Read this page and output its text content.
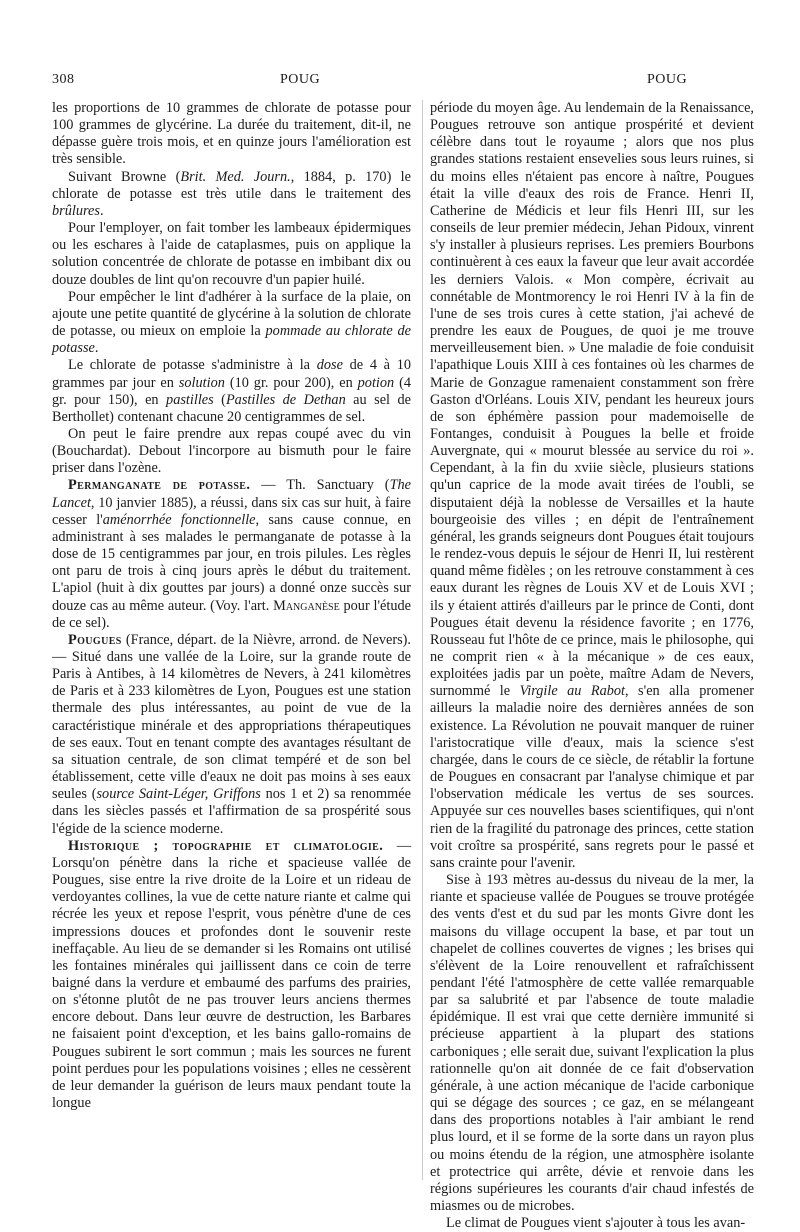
308	POUG	POUG

les proportions de 10 grammes de chlorate de potasse pour 100 grammes de glycérine. La durée du traitement, dit-il, ne dépasse guère trois mois, et en quinze jours l'amélioration est très sensible.

Suivant Browne (Brit. Med. Journ., 1884, p. 170) le chlorate de potasse est très utile dans le traitement des brûlures.

Pour l'employer, on fait tomber les lambeaux épidermiques ou les eschares à l'aide de cataplasmes, puis on applique la solution concentrée de chlorate de potasse en imbibant dix ou douze doubles de lint qu'on recouvre d'un papier huilé.

Pour empêcher le lint d'adhérer à la surface de la plaie, on ajoute une petite quantité de glycérine à la solution de chlorate de potasse, ou mieux on emploie la pommade au chlorate de potasse.

Le chlorate de potasse s'administre à la dose de 4 à 10 grammes par jour en solution (10 gr. pour 200), en potion (4 gr. pour 150), en pastilles (Pastilles de Dethan au sel de Berthollet) contenant chacune 20 centigrammes de sel.

On peut le faire prendre aux repas coupé avec du vin (Bouchardat). Debout l'incorpore au bismuth pour le faire priser dans l'ozène.

Permanganate de potasse. — Th. Sanctuary (The Lancet, 10 janvier 1885), a réussi, dans six cas sur huit, à faire cesser l'aménorrhée fonctionnelle, sans cause connue, en administrant à ses malades le permanganate de potasse à la dose de 15 centigrammes par jour, en trois pilules. Les règles ont paru de trois à cinq jours après le début du traitement. L'apiol (huit à dix gouttes par jours) a donné onze succès sur douze cas au même auteur. (Voy. l'art. Manganèse pour l'étude de ce sel).

Pougues (France, départ. de la Nièvre, arrond. de Nevers). — Situé dans une vallée de la Loire, sur la grande route de Paris à Antibes, à 14 kilomètres de Nevers, à 241 kilomètres de Paris et à 233 kilomètres de Lyon, Pougues est une station thermale des plus intéressantes, au point de vue de la caractéristique minérale et des appropriations thérapeutiques de ses eaux. Tout en tenant compte des avantages résultant de sa situation centrale, de son climat tempéré et de son bel établissement, cette ville d'eaux ne doit pas moins à ses eaux seules (source Saint-Léger, Griffons nos 1 et 2) sa renommée dans les siècles passés et l'affirmation de sa prospérité sous l'égide de la science moderne.

Historique ; topographie et climatologie. — Lorsqu'on pénètre dans la riche et spacieuse vallée de Pougues, sise entre la rive droite de la Loire et un rideau de verdoyantes collines, la vue de cette nature riante et calme qui récrée les yeux et repose l'esprit, vous pénètre d'une de ces impressions douces et profondes dont le souvenir reste ineffaçable. Au lieu de se demander si les Romains ont utilisé les fontaines minérales qui jaillissent dans ce coin de terre baigné dans la verdure et embaumé des parfums des prairies, on s'étonne plutôt de ne pas trouver leurs anciens thermes encore debout. Dans leur œuvre de destruction, les Barbares ne faisaient point d'exception, et les bains gallo-romains de Pougues subirent le sort commun ; mais les sources ne furent point perdues pour les populations voisines ; elles ne cessèrent de leur demander la guérison de leurs maux pendant toute la longue

période du moyen âge. Au lendemain de la Renaissance, Pougues retrouve son antique prospérité et devient célèbre dans tout le royaume ; alors que nos plus grandes stations restaient ensevelies sous leurs ruines, si du moins elles n'étaient pas encore à naître, Pougues était la ville d'eaux des rois de France. Henri II, Catherine de Médicis et leur fils Henri III, sur les conseils de leur premier médecin, Jehan Pidoux, vinrent s'y installer à plusieurs reprises. Les premiers Bourbons continuèrent à ces eaux la faveur que leur avait accordée les derniers Valois. « Mon compère, écrivait au connétable de Montmorency le roi Henri IV à la fin de l'une de ses trois cures à cette station, j'ai achevé de prendre les eaux de Pougues, de quoi je me trouve merveilleusement bien. » Une maladie de foie conduisit l'apathique Louis XIII à ces fontaines où les charmes de Marie de Gonzague ramenaient constamment son frère Gaston d'Orléans. Louis XIV, pendant les heureux jours de son éphémère passion pour mademoiselle de Fontanges, conduisit à Pougues la belle et froide Auvergnate, qui « mourut blessée au service du roi ». Cependant, à la fin du xviie siècle, plusieurs stations qu'un caprice de la mode avait tirées de l'oubli, se disputaient déjà la noblesse de Versailles et la haute bourgeoisie des villes ; en dépit de l'entraînement général, les grands seigneurs dont Pougues était toujours le rendez-vous depuis le séjour de Henri II, lui restèrent quand même fidèles ; on les retrouve constamment à ces eaux durant les règnes de Louis XV et de Louis XVI ; ils y étaient attirés d'ailleurs par le prince de Conti, dont Pougues était devenu la résidence favorite ; en 1776, Rousseau fut l'hôte de ce prince, mais le philosophe, qui ne comprit rien « à la mécanique » de ces eaux, exploitées jadis par un poète, maître Adam de Nevers, surnommé le Virgile au Rabot, s'en alla promener ailleurs la maladie noire des dernières années de son existence. La Révolution ne pouvait manquer de ruiner l'aristocratique ville d'eaux, mais la science s'est chargée, dans le cours de ce siècle, de rétablir la fortune de Pougues en consacrant par l'analyse chimique et par l'observation médicale les vertus de ses sources. Appuyée sur ces nouvelles bases scientifiques, qui n'ont rien de la fragilité du patronage des princes, cette station voit croître sa prospérité, sans regrets pour le passé et sans crainte pour l'avenir.

Sise à 193 mètres au-dessus du niveau de la mer, la riante et spacieuse vallée de Pougues se trouve protégée des vents d'est et du sud par les monts Givre dont les maisons du village occupent la base, et par tout un chapelet de collines couvertes de vignes ; les brises qui s'élèvent de la Loire renouvellent et rafraîchissent pendant l'été l'atmosphère de cette vallée remarquable par sa salubrité et par l'absence de toute maladie épidémique. Il est vrai que cette dernière immunité si précieuse appartient à la plupart des stations carboniques ; elle serait due, suivant l'explication la plus rationnelle qu'on ait donnée de ce fait d'observation générale, à une action mécanique de l'acide carbonique qui se dégage des sources ; ce gaz, en se mélangeant dans des proportions notables à l'air ambiant le rend plus lourd, et il se forme de la sorte dans un rayon plus ou moins étendu de la région, une atmosphère isolante et protectrice qui arrête, dévie et renvoie dans les régions supérieures les courants d'air chaud infestés de miasmes ou de microbes.

Le climat de Pougues vient s'ajouter à tous les avan-
